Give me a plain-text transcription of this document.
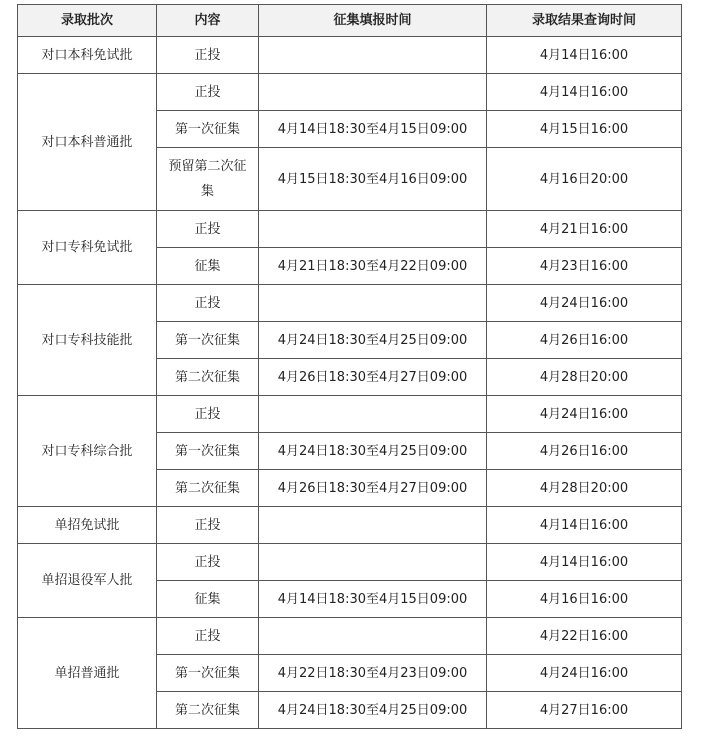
录取批次	内容	征集填报时间	录取结果查询时间
对口本科免试批	正投		4月14日16:00
对口本科普通批	正投		4月14日16:00
	第一次征集	4月14日18:30至4月15日09:00	4月15日16:00
	预留第二次征集	4月15日18:30至4月16日09:00	4月16日20:00
对口专科免试批	正投		4月21日16:00
	征集	4月21日18:30至4月22日09:00	4月23日16:00
对口专科技能批	正投		4月24日16:00
	第一次征集	4月24日18:30至4月25日09:00	4月26日16:00
	第二次征集	4月26日18:30至4月27日09:00	4月28日20:00
对口专科综合批	正投		4月24日16:00
	第一次征集	4月24日18:30至4月25日09:00	4月26日16:00
	第二次征集	4月26日18:30至4月27日09:00	4月28日20:00
单招免试批	正投		4月14日16:00
单招退役军人批	正投		4月14日16:00
	征集	4月14日18:30至4月15日09:00	4月16日16:00
单招普通批	正投		4月22日16:00
	第一次征集	4月22日18:30至4月23日09:00	4月24日16:00
	第二次征集	4月24日18:30至4月25日09:00	4月27日16:00
